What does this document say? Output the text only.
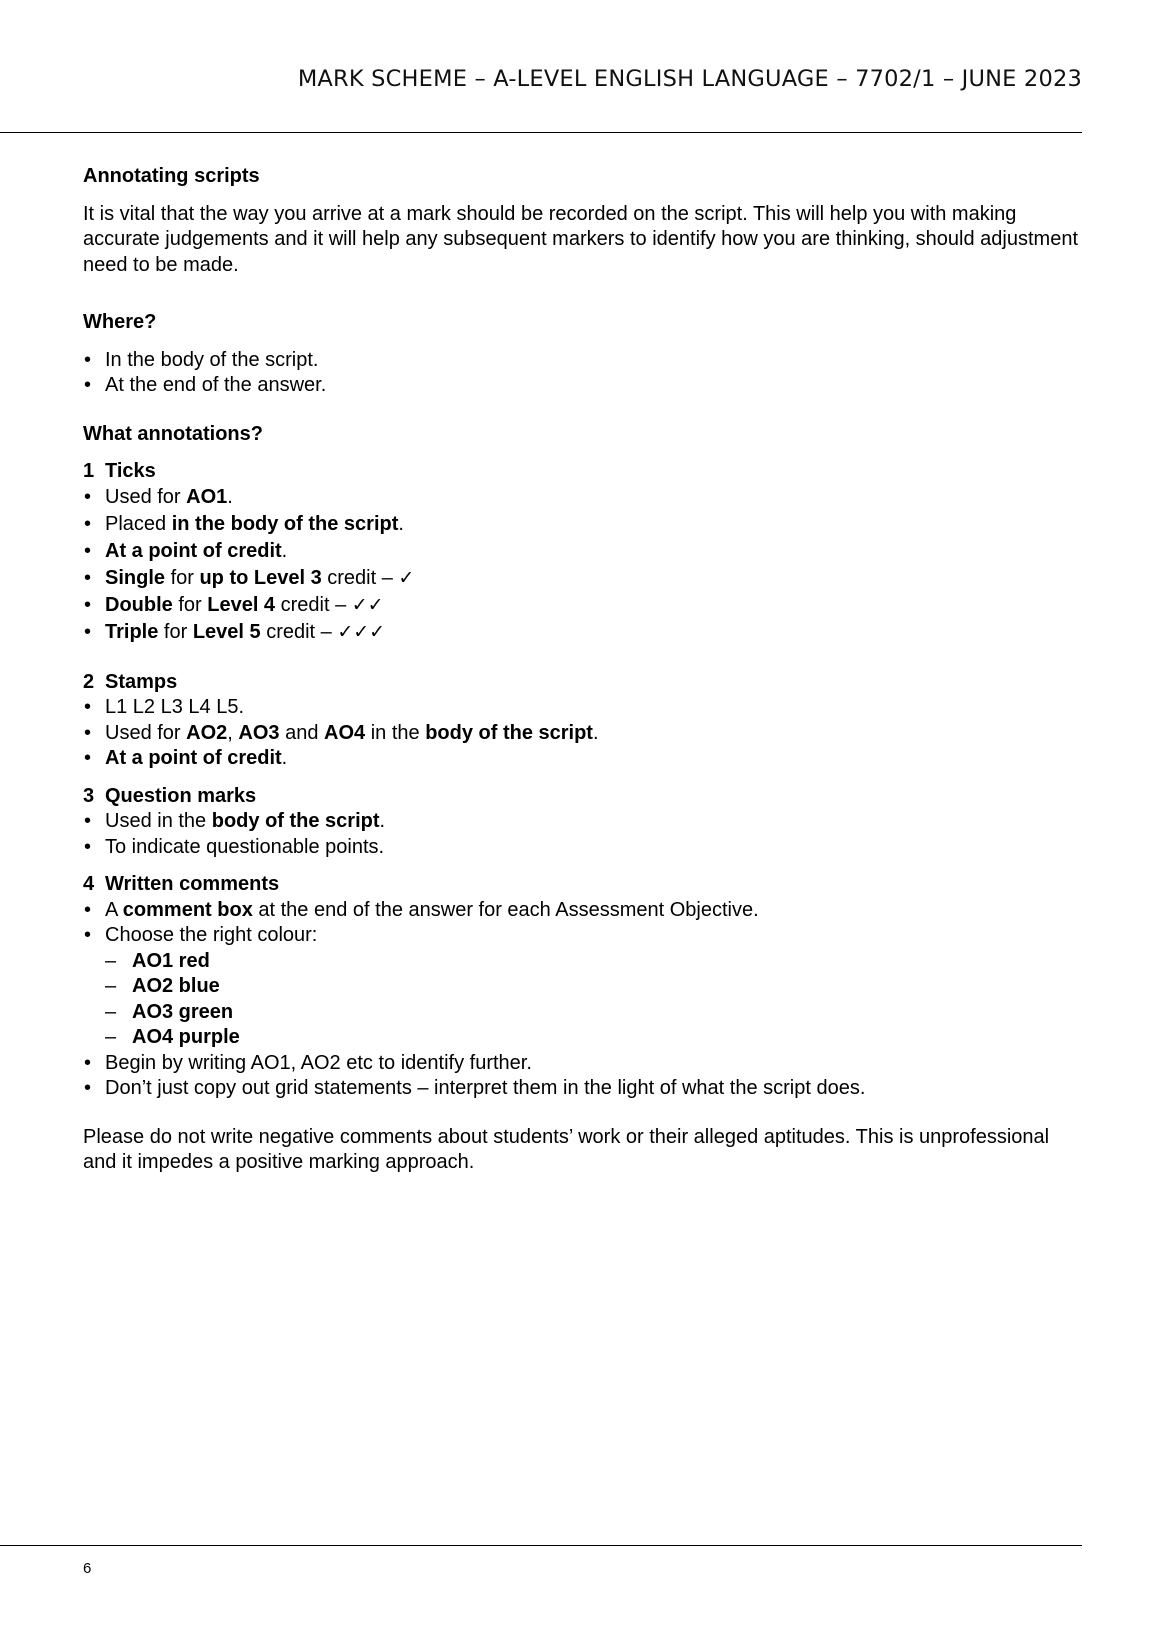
MARK SCHEME – A-LEVEL ENGLISH LANGUAGE – 7702/1 – JUNE 2023

Annotating scripts

It is vital that the way you arrive at a mark should be recorded on the script. This will help you with making accurate judgements and it will help any subsequent markers to identify how you are thinking, should adjustment need to be made.

Where?

• In the body of the script.
• At the end of the answer.

What annotations?

1 Ticks
• Used for AO1.
• Placed in the body of the script.
• At a point of credit.
• Single for up to Level 3 credit – ✓
• Double for Level 4 credit – ✓✓
• Triple for Level 5 credit – ✓✓✓
2 Stamps
• L1 L2 L3 L4 L5.
• Used for AO2, AO3 and AO4 in the body of the script.
• At a point of credit.
3 Question marks
• Used in the body of the script.
• To indicate questionable points.
4 Written comments
• A comment box at the end of the answer for each Assessment Objective.
• Choose the right colour:
– AO1 red
– AO2 blue
– AO3 green
– AO4 purple
• Begin by writing AO1, AO2 etc to identify further.
• Don’t just copy out grid statements – interpret them in the light of what the script does.

Please do not write negative comments about students’ work or their alleged aptitudes. This is unprofessional and it impedes a positive marking approach.

6
